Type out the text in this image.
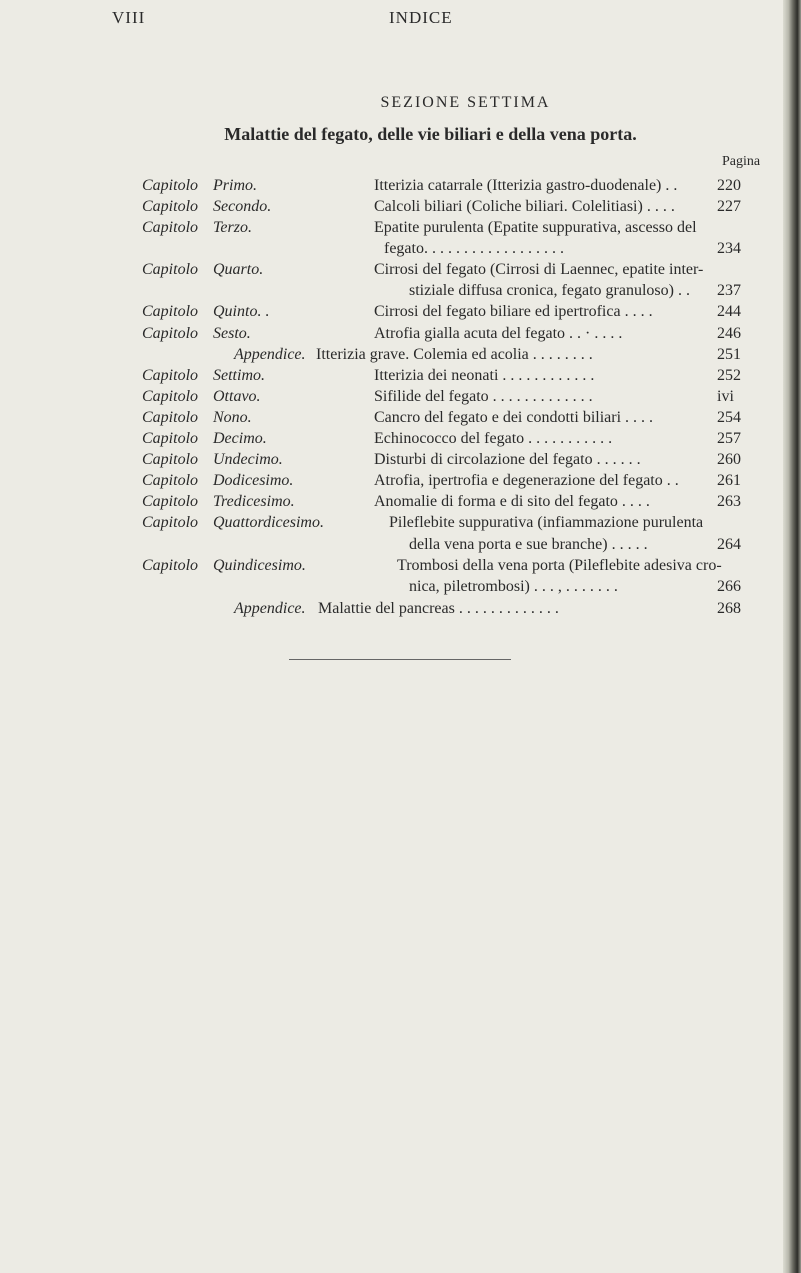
VIII	INDICE
SEZIONE SETTIMA
Malattie del fegato, delle vie biliari e della vena porta.
Pagina
Capitolo Primo.	Itterizia catarrale (Itterizia gastro-duodenale) . . 220
Capitolo Secondo.	Calcoli biliari (Coliche biliari. Colelitiasi) . . . .	227
Capitolo Terzo.	Epatite purulenta (Epatite suppurativa, ascesso del
fegato. . . . . . . . . . . . . . . . . .	234
Capitolo Quarto.	Cirrosi del fegato (Cirrosi di Laennec, epatite inter-
stiziale diffusa cronica, fegato granuloso) . . 237
Capitolo Quinto. .	Cirrosi del fegato biliare ed ipertrofica . . . .	244
Capitolo Sesto.	Atrofia gialla acuta del fegato . . · . . . .	246
Appendice. Itterizia grave. Colemia ed acolia . . . . . . . .	251
Capitolo Settimo.	Itterizia dei neonati . . . . . . . . . . . .	252
Capitolo Ottavo.	Sifilide del fegato . . . . . . . . . . . . .	ivi
Capitolo Nono.	Cancro del fegato e dei condotti biliari . . . .	254
Capitolo Decimo.	Echinococco del fegato . . . . . . . . . . .	257
Capitolo Undecimo.	Disturbi di circolazione del fegato . . . . . .	260
Capitolo Dodicesimo.	Atrofia, ipertrofia e degenerazione del fegato . . 261
Capitolo Tredicesimo.	Anomalie di forma e di sito del fegato . . . .	263
Capitolo Quattordicesimo.	Pileflebite suppurativa (infiammazione purulenta
della vena porta e sue branche) . . . . .	264
Capitolo Quindicesimo.	Trombosi della vena porta (Pileflebite adesiva cro-
nica, piletrombosi) . . . , . . . . . . .	266
Appendice. Malattie del pancreas . . . . . . . . . . . . .	268
